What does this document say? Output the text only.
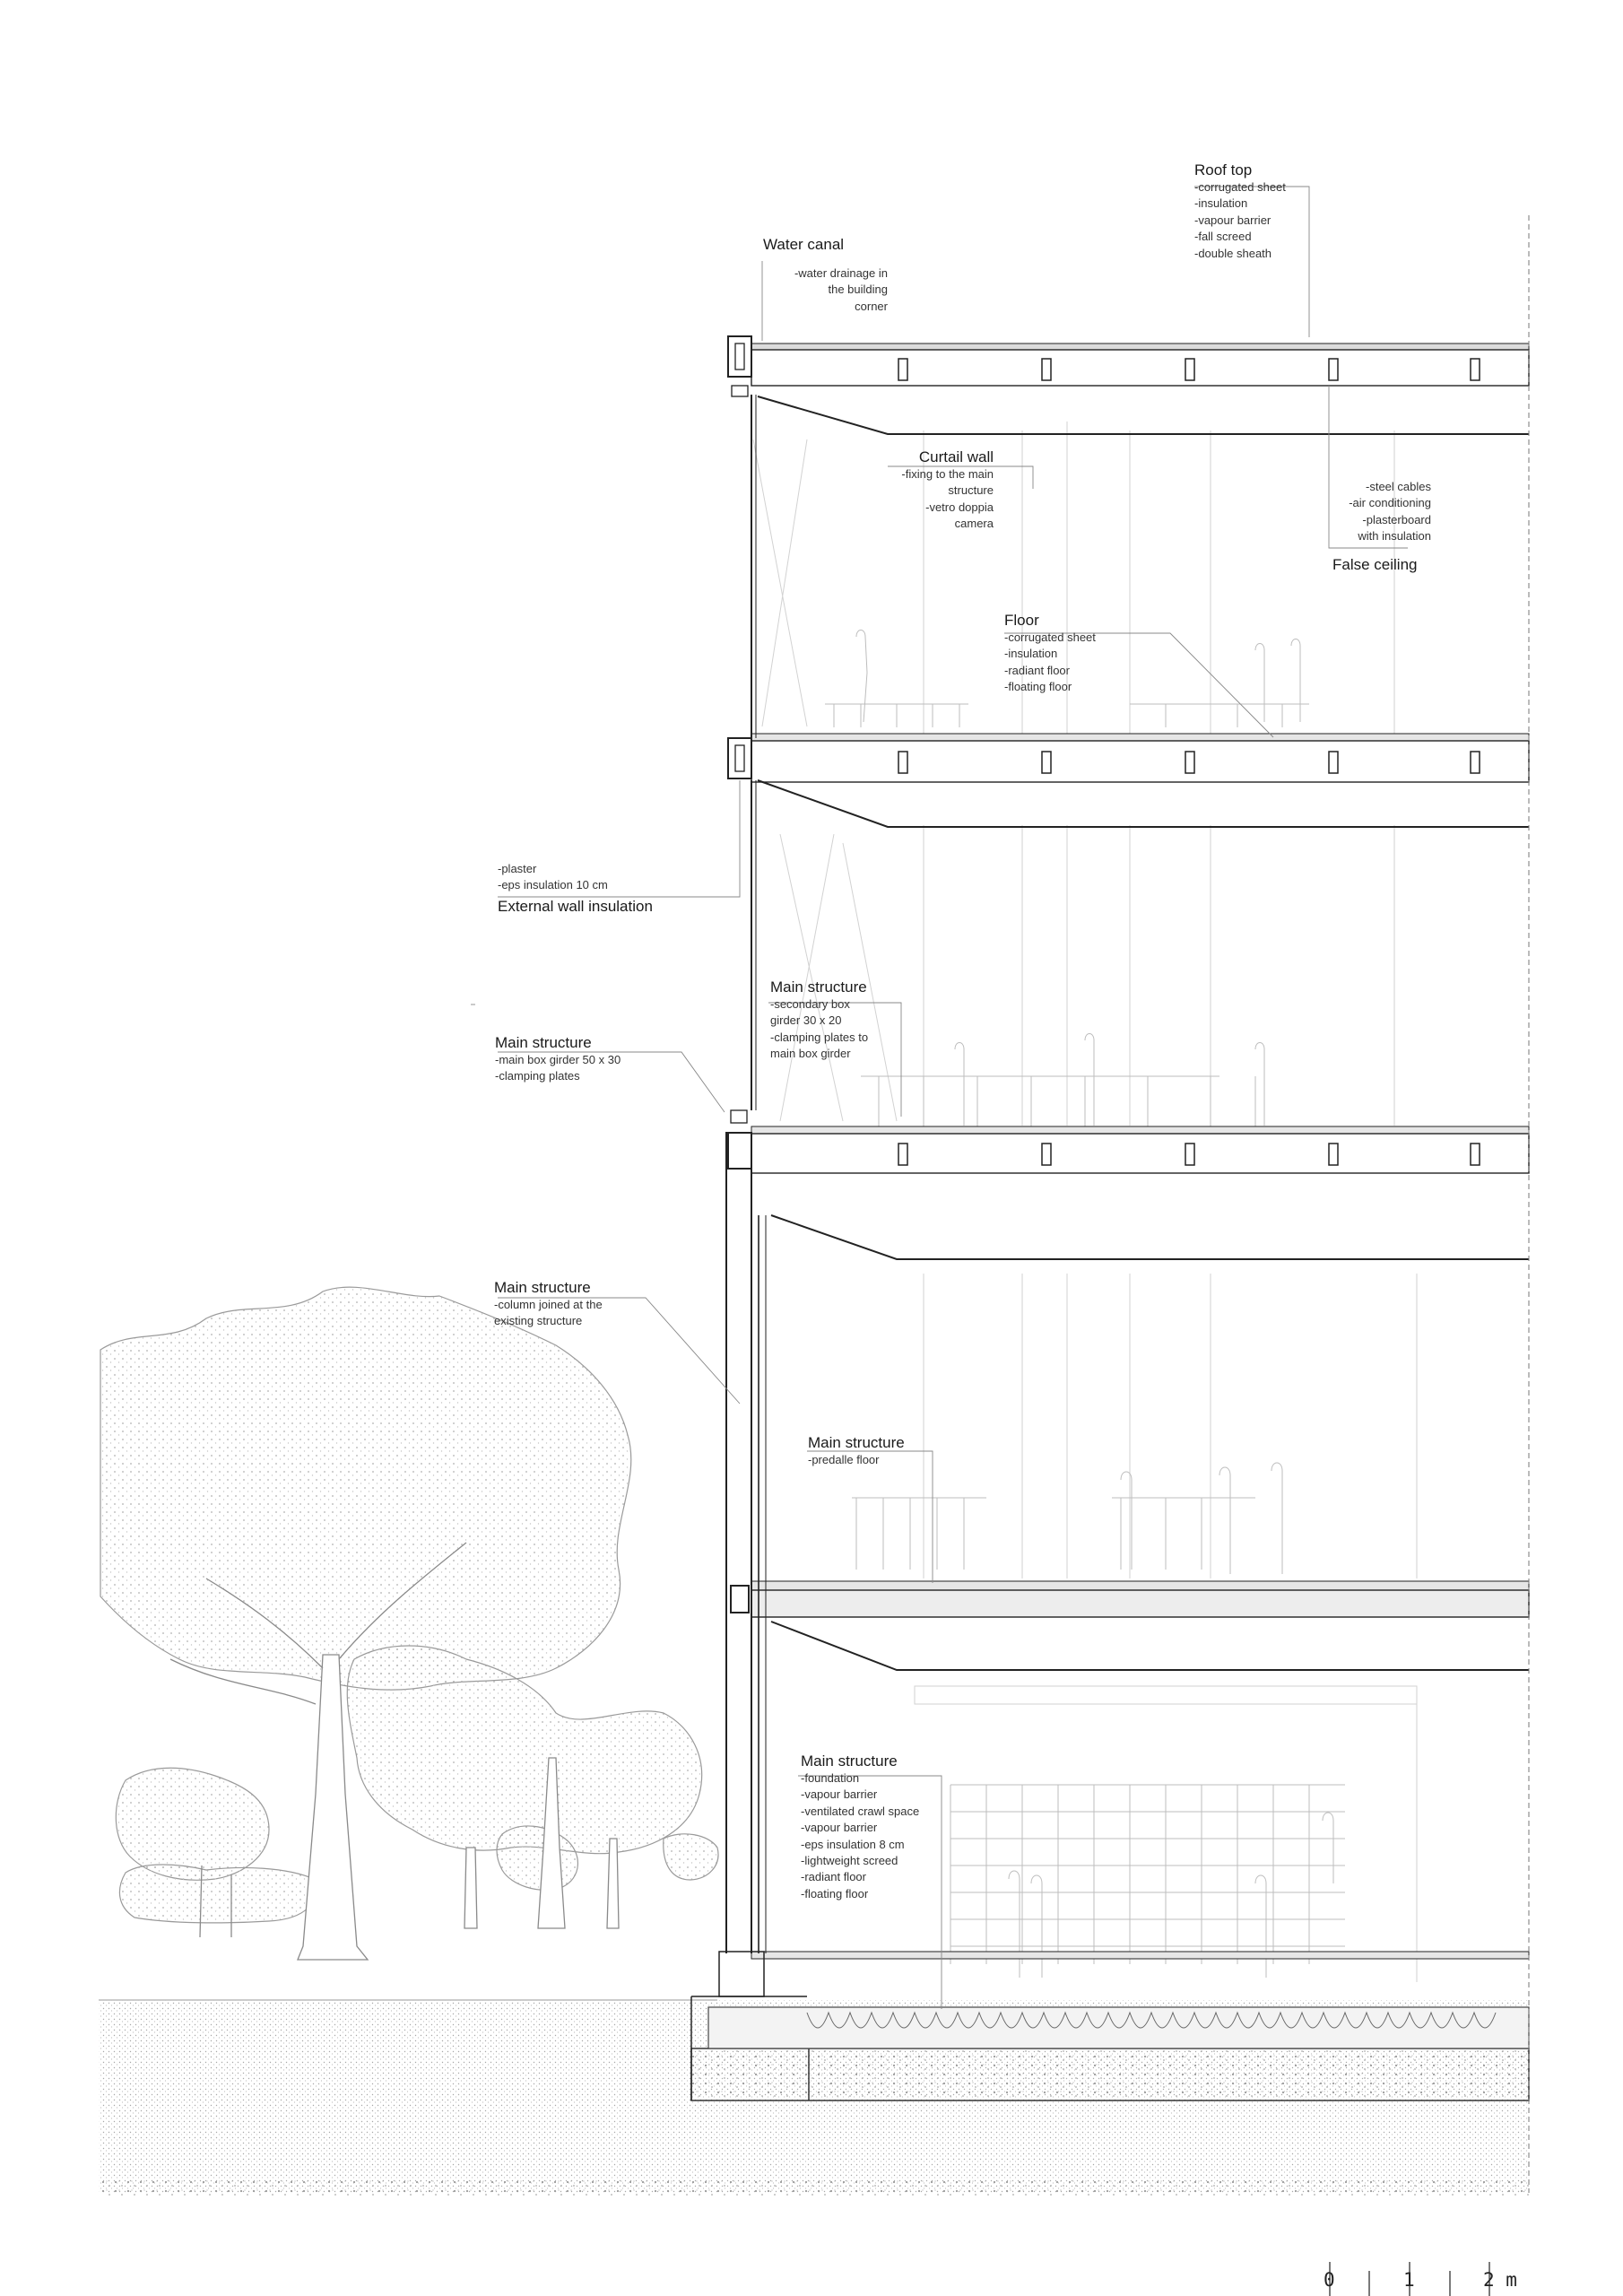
Roof top
-corrugated sheet
-insulation
-vapour barrier
-fall screed
-double sheath
Water canal
-water drainage in
the building
corner
Curtail wall
-fixing to the main
structure
-vetro doppia
camera
-steel cables
-air conditioning
-plasterboard
with insulation
False ceiling
Floor
-corrugated sheet
-insulation
-radiant floor
-floating floor
-plaster
-eps insulation 10 cm
External wall insulation
Main structure
-secondary box
girder 30 x 20
-clamping plates to
main box girder
Main structure
-main box girder 50 x 30
-clamping plates
Main structure
-column joined at the
existing structure
Main structure
-predalle floor
Main structure
-foundation
-vapour barrier
-ventilated crawl space
-vapour barrier
-eps insulation 8 cm
-lightweight screed
-radiant floor
-floating floor
0	1	2 m
